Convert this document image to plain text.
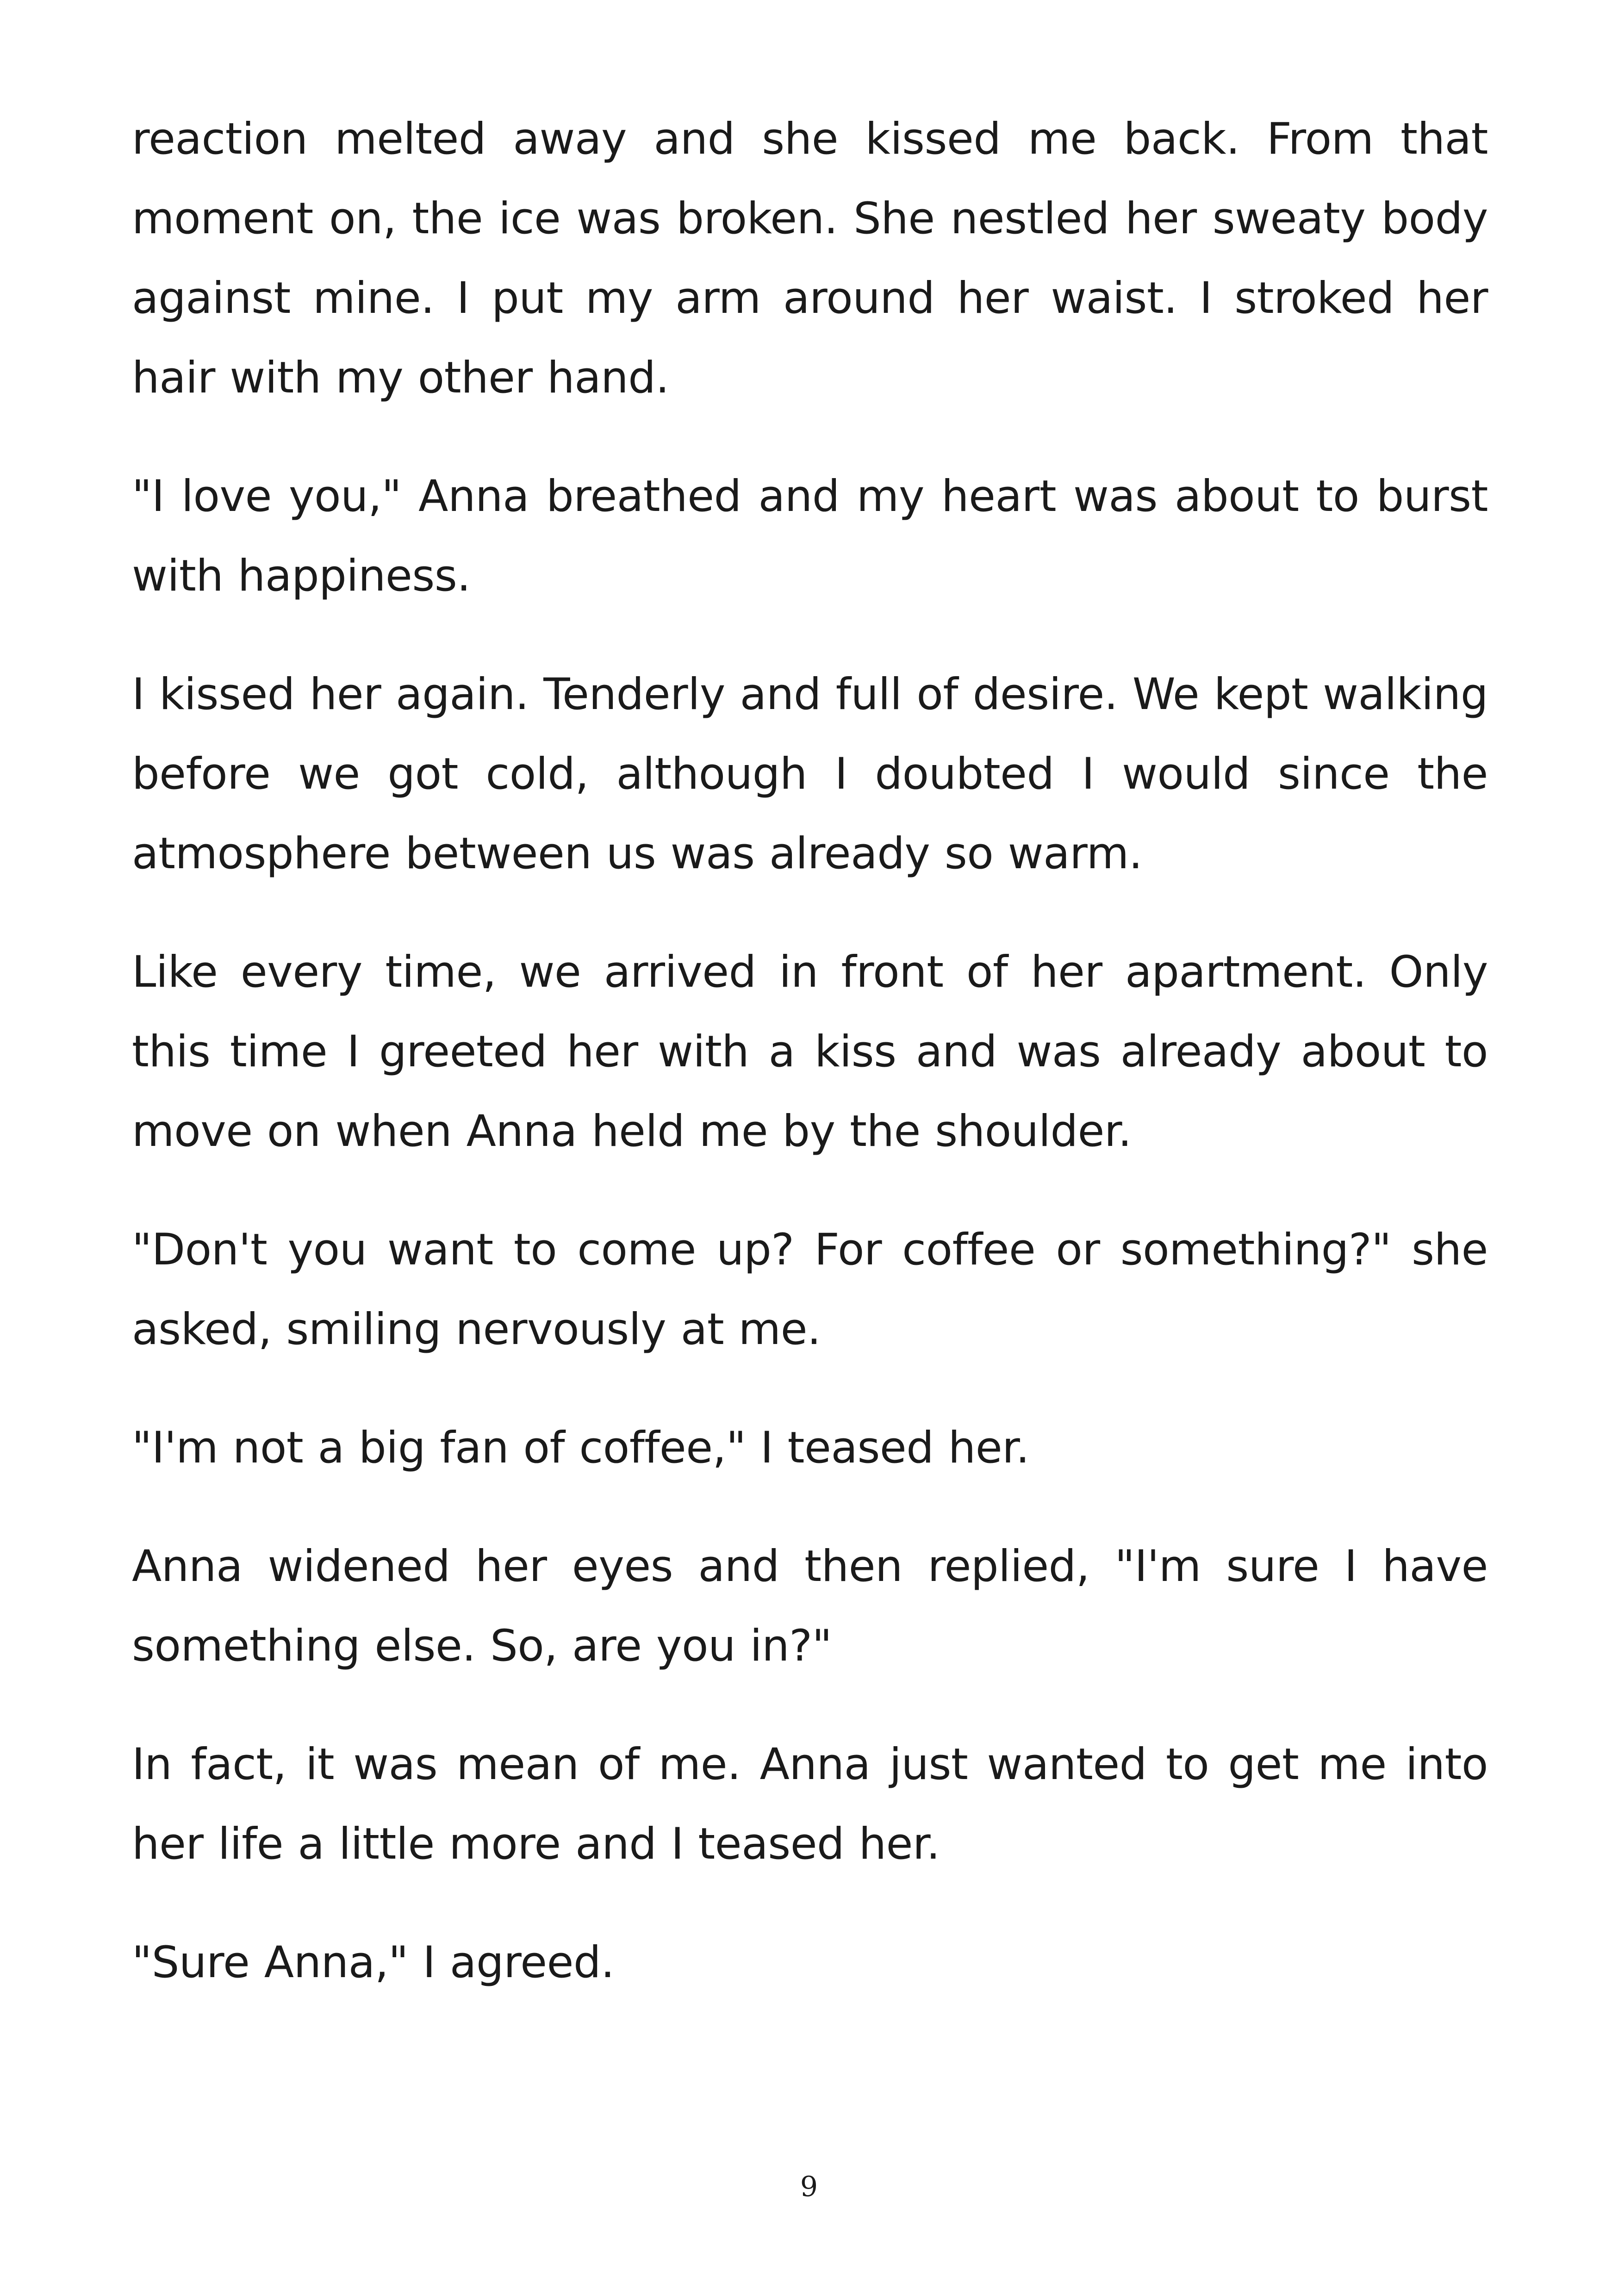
reaction melted away and she kissed me back. From that moment on, the ice was broken. She nestled her sweaty body against mine. I put my arm around her waist. I stroked her hair with my other hand.

"I love you," Anna breathed and my heart was about to burst with happiness.

I kissed her again. Tenderly and full of desire. We kept walking before we got cold, although I doubted I would since the atmosphere between us was already so warm.

Like every time, we arrived in front of her apartment. Only this time I greeted her with a kiss and was already about to move on when Anna held me by the shoulder.

"Don't you want to come up? For coffee or something?" she asked, smiling nervously at me.

"I'm not a big fan of coffee," I teased her.

Anna widened her eyes and then replied, "I'm sure I have something else. So, are you in?"

In fact, it was mean of me. Anna just wanted to get me into her life a little more and I teased her.

"Sure Anna," I agreed.

9
